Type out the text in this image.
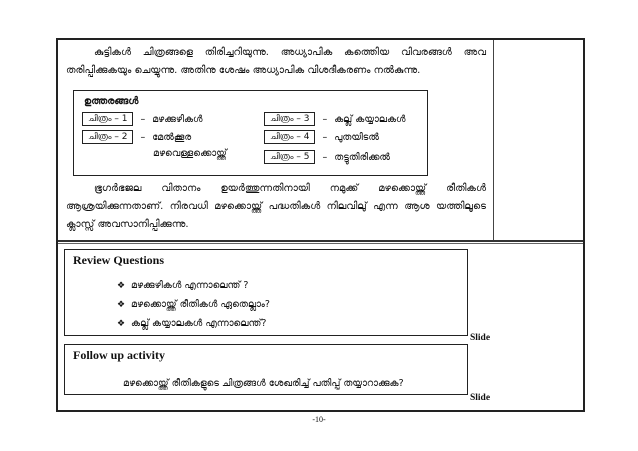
കുട്ടികൾ ചിത്രങ്ങളെ തിരിച്ചറിയുന്നു. അധ്യാപിക കത്തെിയ വിവരങ്ങൾ അവ തരിപ്പിക്കുകയും ചെയ്യുന്നു. അതിനു ശേഷം അധ്യാപിക വിശദീകരണം നൽകുന്നു.
ഉത്തരങ്ങൾ
ചിത്രം – 1	– മഴക്കുഴികൾ
ചിത്രം – 2	– മേൽക്കൂര
മഴവെള്ളക്കൊയ്ത്ത്
ചിത്രം – 3	– കല്ല് കയ്യാലകൾ
ചിത്രം – 4	– പുതയിടൽ
ചിത്രം – 5	– തട്ടുതിരിക്കൽ
ഭൂഗർഭജല വിതാനം ഉയർത്തുന്നതിനായി നമുക്ക് മഴക്കൊയ്ത്ത് രീതികൾ ആശ്രയിക്കുന്നതാണ്. നിരവധി മഴക്കൊയ്ത്ത് പദ്ധതികൾ നിലവിലു് എന്ന ആശ യത്തിലൂടെ ക്ലാസ്സ് അവസാനിപ്പിക്കുന്നു.
Review Questions
❖ മഴക്കുഴികൾ എന്നാലെന്ത് ?
❖ മഴക്കൊയ്ത്ത് രീതികൾ ഏതെല്ലാം?
❖ കല്ല് കയ്യാലകൾ എന്നാലെന്ത്?
Slide
Follow up activity
മഴക്കൊയ്ത്ത് രീതികളുടെ ചിത്രങ്ങൾ ശേഖരിച്ച് പതിപ്പ് തയ്യാറാക്കുക?
Slide
-10-
